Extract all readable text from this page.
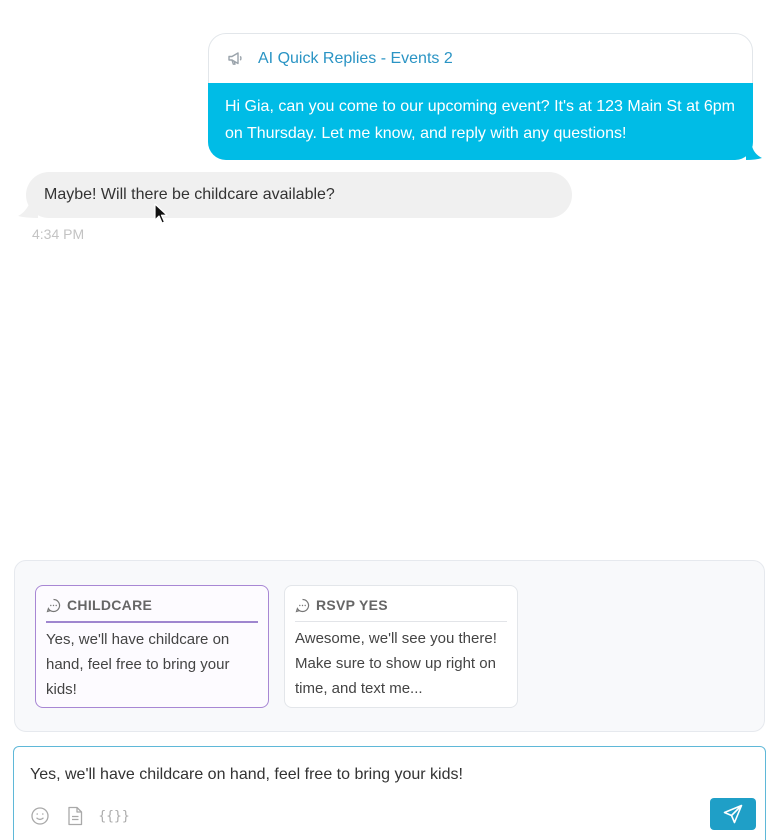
AI Quick Replies - Events 2
Hi Gia, can you come to our upcoming event? It's at 123 Main St at 6pm on Thursday. Let me know, and reply with any questions!
Maybe! Will there be childcare available?
4:34 PM
CHILDCARE
Yes, we'll have childcare on hand, feel free to bring your kids!
RSVP YES
Awesome, we'll see you there! Make sure to show up right on time, and text me...
Yes, we'll have childcare on hand, feel free to bring your kids!
{{}}
